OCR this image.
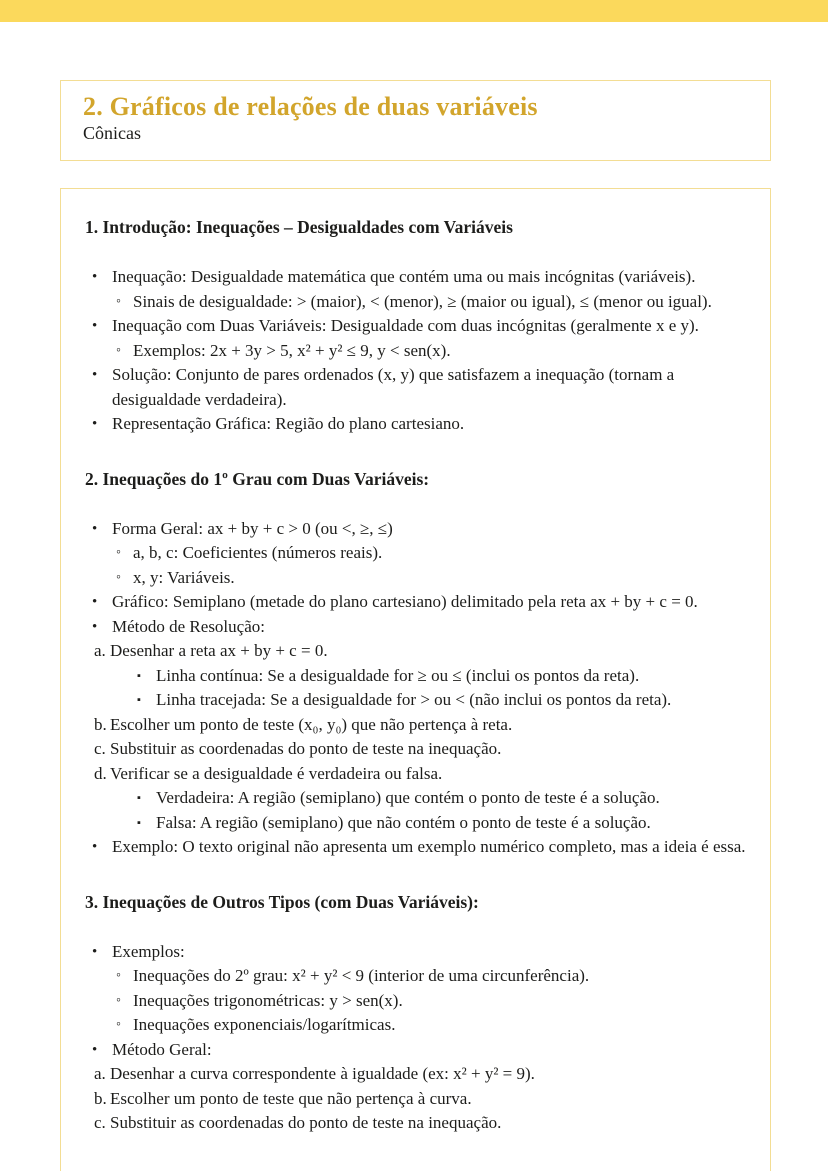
2. Gráficos de relações de duas variáveis
Cônicas
1. Introdução: Inequações – Desigualdades com Variáveis
• Inequação: Desigualdade matemática que contém uma ou mais incógnitas (variáveis).
◦ Sinais de desigualdade: > (maior), < (menor), ≥ (maior ou igual), ≤ (menor ou igual).
• Inequação com Duas Variáveis: Desigualdade com duas incógnitas (geralmente x e y).
◦ Exemplos: 2x + 3y > 5, x² + y² ≤ 9, y < sen(x).
• Solução: Conjunto de pares ordenados (x, y) que satisfazem a inequação (tornam a desigualdade verdadeira).
• Representação Gráfica: Região do plano cartesiano.
2. Inequações do 1º Grau com Duas Variáveis:
• Forma Geral: ax + by + c > 0 (ou <, ≥, ≤)
◦ a, b, c: Coeficientes (números reais).
◦ x, y: Variáveis.
• Gráfico: Semiplano (metade do plano cartesiano) delimitado pela reta ax + by + c = 0.
• Método de Resolução:
a. Desenhar a reta ax + by + c = 0.
▪ Linha contínua: Se a desigualdade for ≥ ou ≤ (inclui os pontos da reta).
▪ Linha tracejada: Se a desigualdade for > ou < (não inclui os pontos da reta).
b. Escolher um ponto de teste (x₀, y₀) que não pertença à reta.
c. Substituir as coordenadas do ponto de teste na inequação.
d. Verificar se a desigualdade é verdadeira ou falsa.
▪ Verdadeira: A região (semiplano) que contém o ponto de teste é a solução.
▪ Falsa: A região (semiplano) que não contém o ponto de teste é a solução.
• Exemplo: O texto original não apresenta um exemplo numérico completo, mas a ideia é essa.
3. Inequações de Outros Tipos (com Duas Variáveis):
• Exemplos:
◦ Inequações do 2º grau: x² + y² < 9 (interior de uma circunferência).
◦ Inequações trigonométricas: y > sen(x).
◦ Inequações exponenciais/logarítmicas.
• Método Geral:
a. Desenhar a curva correspondente à igualdade (ex: x² + y² = 9).
b. Escolher um ponto de teste que não pertença à curva.
c. Substituir as coordenadas do ponto de teste na inequação.
